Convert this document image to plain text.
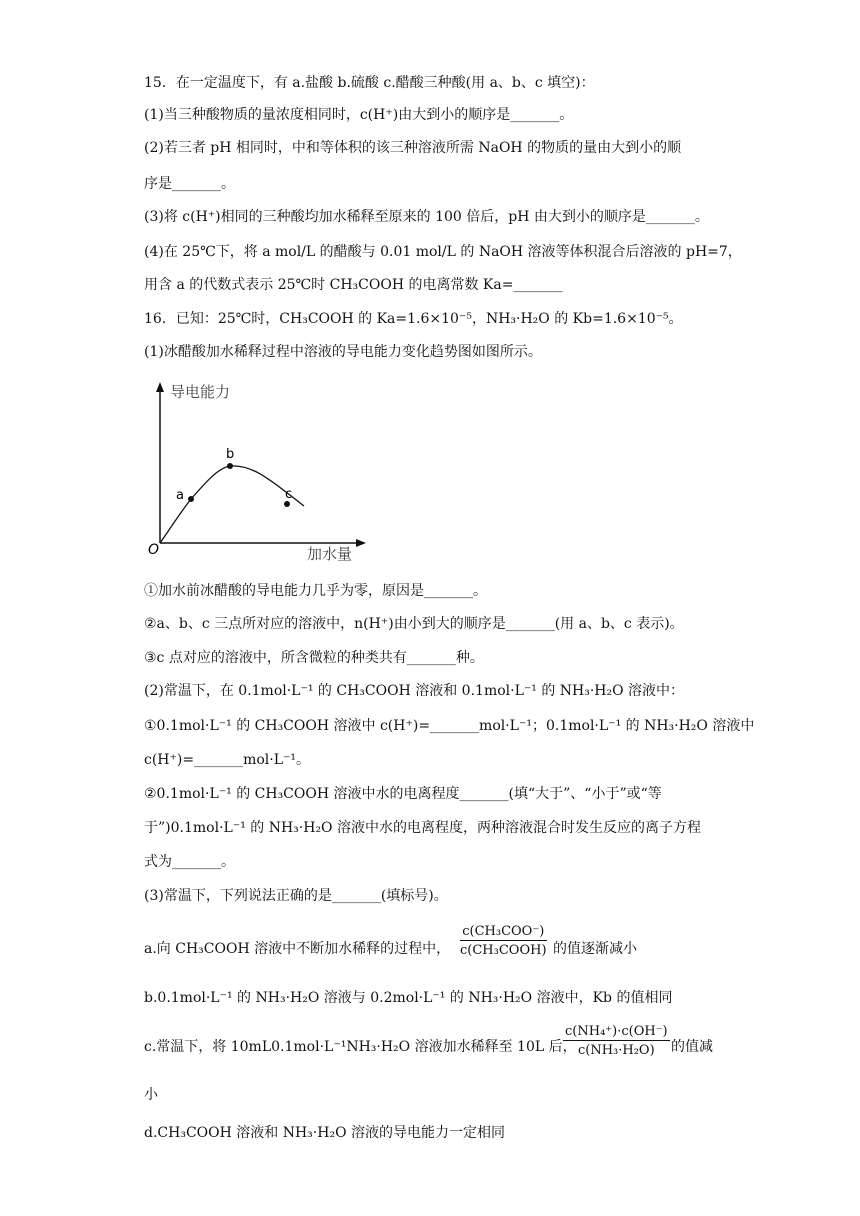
15．在一定温度下，有 a.盐酸 b.硫酸 c.醋酸三种酸(用 a、b、c 填空)：
(1)当三种酸物质的量浓度相同时，c(H⁺)由大到小的顺序是_______。
(2)若三者 pH 相同时，中和等体积的该三种溶液所需 NaOH 的物质的量由大到小的顺
序是_______。
(3)将 c(H⁺)相同的三种酸均加水稀释至原来的 100 倍后，pH 由大到小的顺序是_______。
(4)在 25℃下，将 a mol/L 的醋酸与 0.01 mol/L 的 NaOH 溶液等体积混合后溶液的 pH=7，
用含 a 的代数式表示 25℃时 CH₃COOH 的电离常数 Ka=_______
16．已知：25℃时，CH₃COOH 的 Ka=1.6×10⁻⁵，NH₃·H₂O 的 Kb=1.6×10⁻⁵。
(1)冰醋酸加水稀释过程中溶液的导电能力变化趋势图如图所示。
a
b
c
导电能力
加水量
O
①加水前冰醋酸的导电能力几乎为零，原因是_______。
②a、b、c 三点所对应的溶液中，n(H⁺)由小到大的顺序是_______(用 a、b、c 表示)。
③c 点对应的溶液中，所含微粒的种类共有_______种。
(2)常温下，在 0.1mol·L⁻¹ 的 CH₃COOH 溶液和 0.1mol·L⁻¹ 的 NH₃·H₂O 溶液中：
①0.1mol·L⁻¹ 的 CH₃COOH 溶液中 c(H⁺)=_______mol·L⁻¹；0.1mol·L⁻¹ 的 NH₃·H₂O 溶液中
c(H⁺)=_______mol·L⁻¹。
②0.1mol·L⁻¹ 的 CH₃COOH 溶液中水的电离程度_______(填“大于”、“小于”或“等
于”)0.1mol·L⁻¹ 的 NH₃·H₂O 溶液中水的电离程度，两种溶液混合时发生反应的离子方程
式为_______。
(3)常温下，下列说法正确的是_______(填标号)。
a.向 CH₃COOH 溶液中不断加水稀释的过程中，
c(CH₃COO⁻)
c(CH₃COOH) 的值逐渐减小
b.0.1mol·L⁻¹ 的 NH₃·H₂O 溶液与 0.2mol·L⁻¹ 的 NH₃·H₂O 溶液中，Kb 的值相同
c.常温下，将 10mL0.1mol·L⁻¹NH₃·H₂O 溶液加水稀释至 10L 后，
$\frac{\text{c(NH₄⁺)·c(OH⁻)}}{\text{c(NH₃·H₂O)}}$ 的值减
小
d.CH₃COOH 溶液和 NH₃·H₂O 溶液的导电能力一定相同
